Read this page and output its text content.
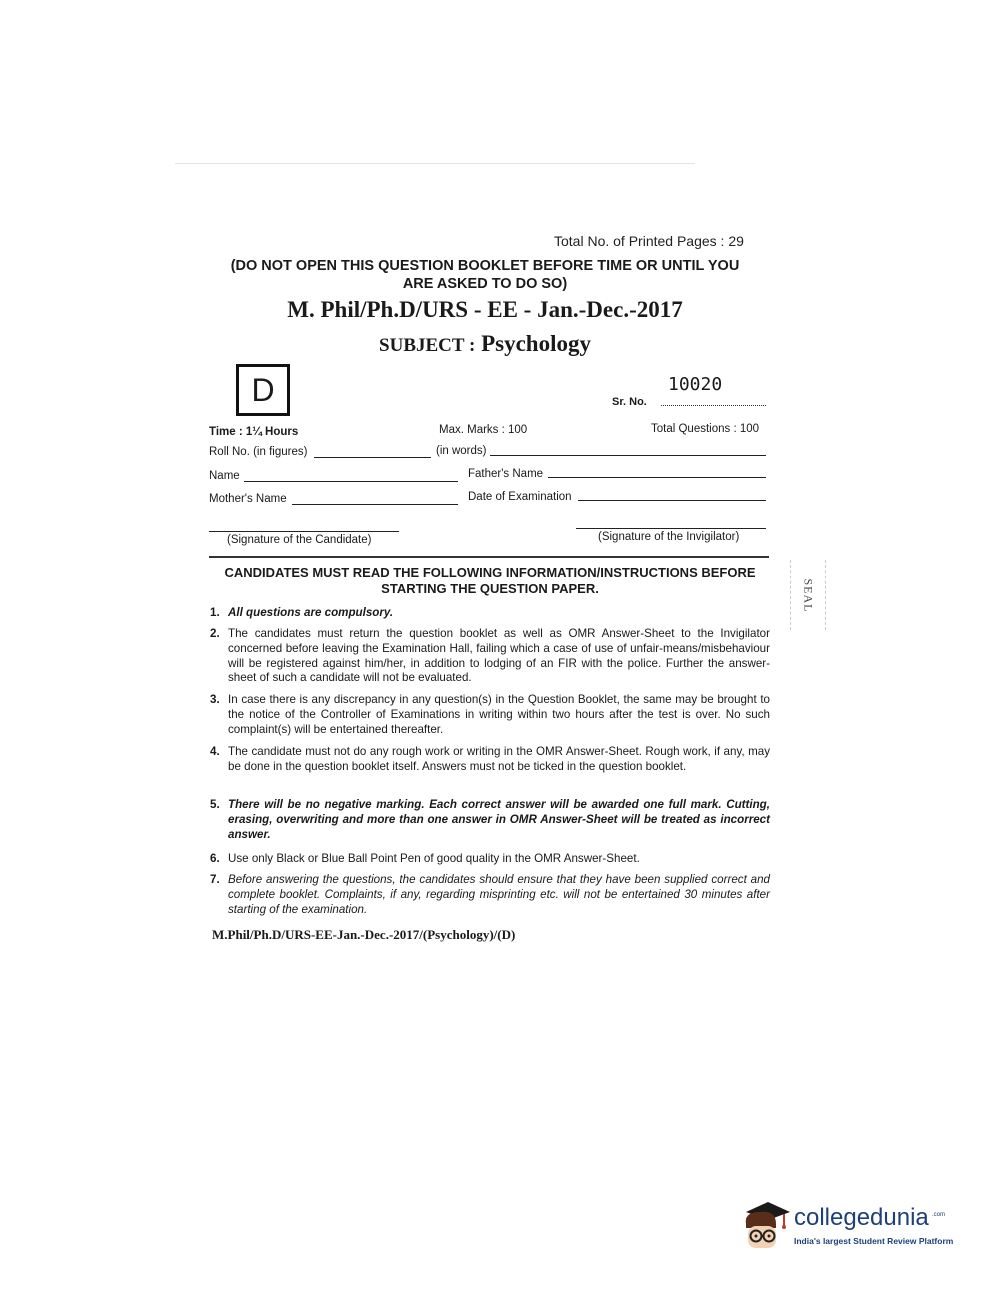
Total No. of Printed Pages : 29
(DO NOT OPEN THIS QUESTION BOOKLET BEFORE TIME OR UNTIL YOU
ARE ASKED TO DO SO)
M. Phil/Ph.D/URS - EE - Jan.-Dec.-2017
SUBJECT : Psychology
D	10020
Sr. No.
Time : 1¼ Hours	Max. Marks : 100	Total Questions : 100
Roll No. (in figures)	(in words)
Name	Father's Name
Mother's Name	Date of Examination
(Signature of the Candidate)	(Signature of the Invigilator)
SEAL
CANDIDATES MUST READ THE FOLLOWING INFORMATION/INSTRUCTIONS BEFORE
STARTING THE QUESTION PAPER.
1. All questions are compulsory.
2. The candidates must return the question booklet as well as OMR Answer-Sheet to the Invigilator concerned before leaving the Examination Hall, failing which a case of use of unfair-means/misbehaviour will be registered against him/her, in addition to lodging of an FIR with the police. Further the answer-sheet of such a candidate will not be evaluated.
3. In case there is any discrepancy in any question(s) in the Question Booklet, the same may be brought to the notice of the Controller of Examinations in writing within two hours after the test is over. No such complaint(s) will be entertained thereafter.
4. The candidate must not do any rough work or writing in the OMR Answer-Sheet. Rough work, if any, may be done in the question booklet itself. Answers must not be ticked in the question booklet.
5. There will be no negative marking. Each correct answer will be awarded one full mark. Cutting, erasing, overwriting and more than one answer in OMR Answer-Sheet will be treated as incorrect answer.
6. Use only Black or Blue Ball Point Pen of good quality in the OMR Answer-Sheet.
7. Before answering the questions, the candidates should ensure that they have been supplied correct and complete booklet. Complaints, if any, regarding misprinting etc. will not be entertained 30 minutes after starting of the examination.
M.Phil/Ph.D/URS-EE-Jan.-Dec.-2017/(Psychology)/(D)
collegedunia .com
India's largest Student Review Platform
